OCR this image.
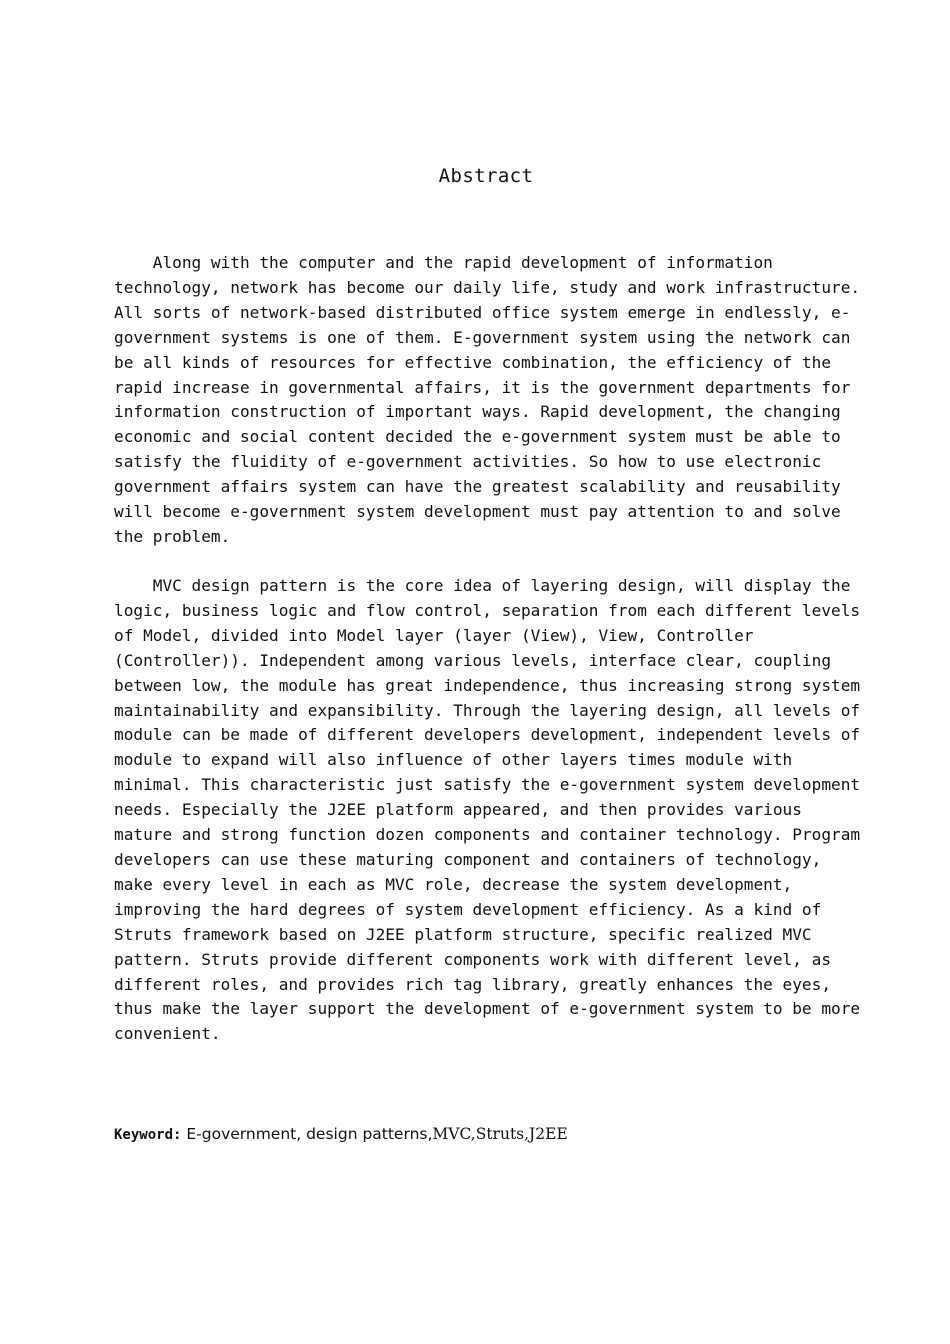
Abstract
Along with the computer and the rapid development of information
technology, network has become our daily life, study and work infrastructure.
All sorts of network-based distributed office system emerge in endlessly, e-
government systems is one of them. E-government system using the network can
be all kinds of resources for effective combination, the efficiency of the
rapid increase in governmental affairs, it is the government departments for
information construction of important ways. Rapid development, the changing
economic and social content decided the e-government system must be able to
satisfy the fluidity of e-government activities. So how to use electronic
government affairs system can have the greatest scalability and reusability
will become e-government system development must pay attention to and solve
the problem.
MVC design pattern is the core idea of layering design, will display the
logic, business logic and flow control, separation from each different levels
of Model, divided into Model layer (layer (View), View, Controller
(Controller)). Independent among various levels, interface clear, coupling
between low, the module has great independence, thus increasing strong system
maintainability and expansibility. Through the layering design, all levels of
module can be made of different developers development, independent levels of
module to expand will also influence of other layers times module with
minimal. This characteristic just satisfy the e-government system development
needs. Especially the J2EE platform appeared, and then provides various
mature and strong function dozen components and container technology. Program
developers can use these maturing component and containers of technology,
make every level in each as MVC role, decrease the system development,
improving the hard degrees of system development efficiency. As a kind of
Struts framework based on J2EE platform structure, specific realized MVC
pattern. Struts provide different components work with different level, as
different roles, and provides rich tag library, greatly enhances the eyes,
thus make the layer support the development of e-government system to be more
convenient.
Keyword: E-government, design patterns,MVC,Struts,J2EE
